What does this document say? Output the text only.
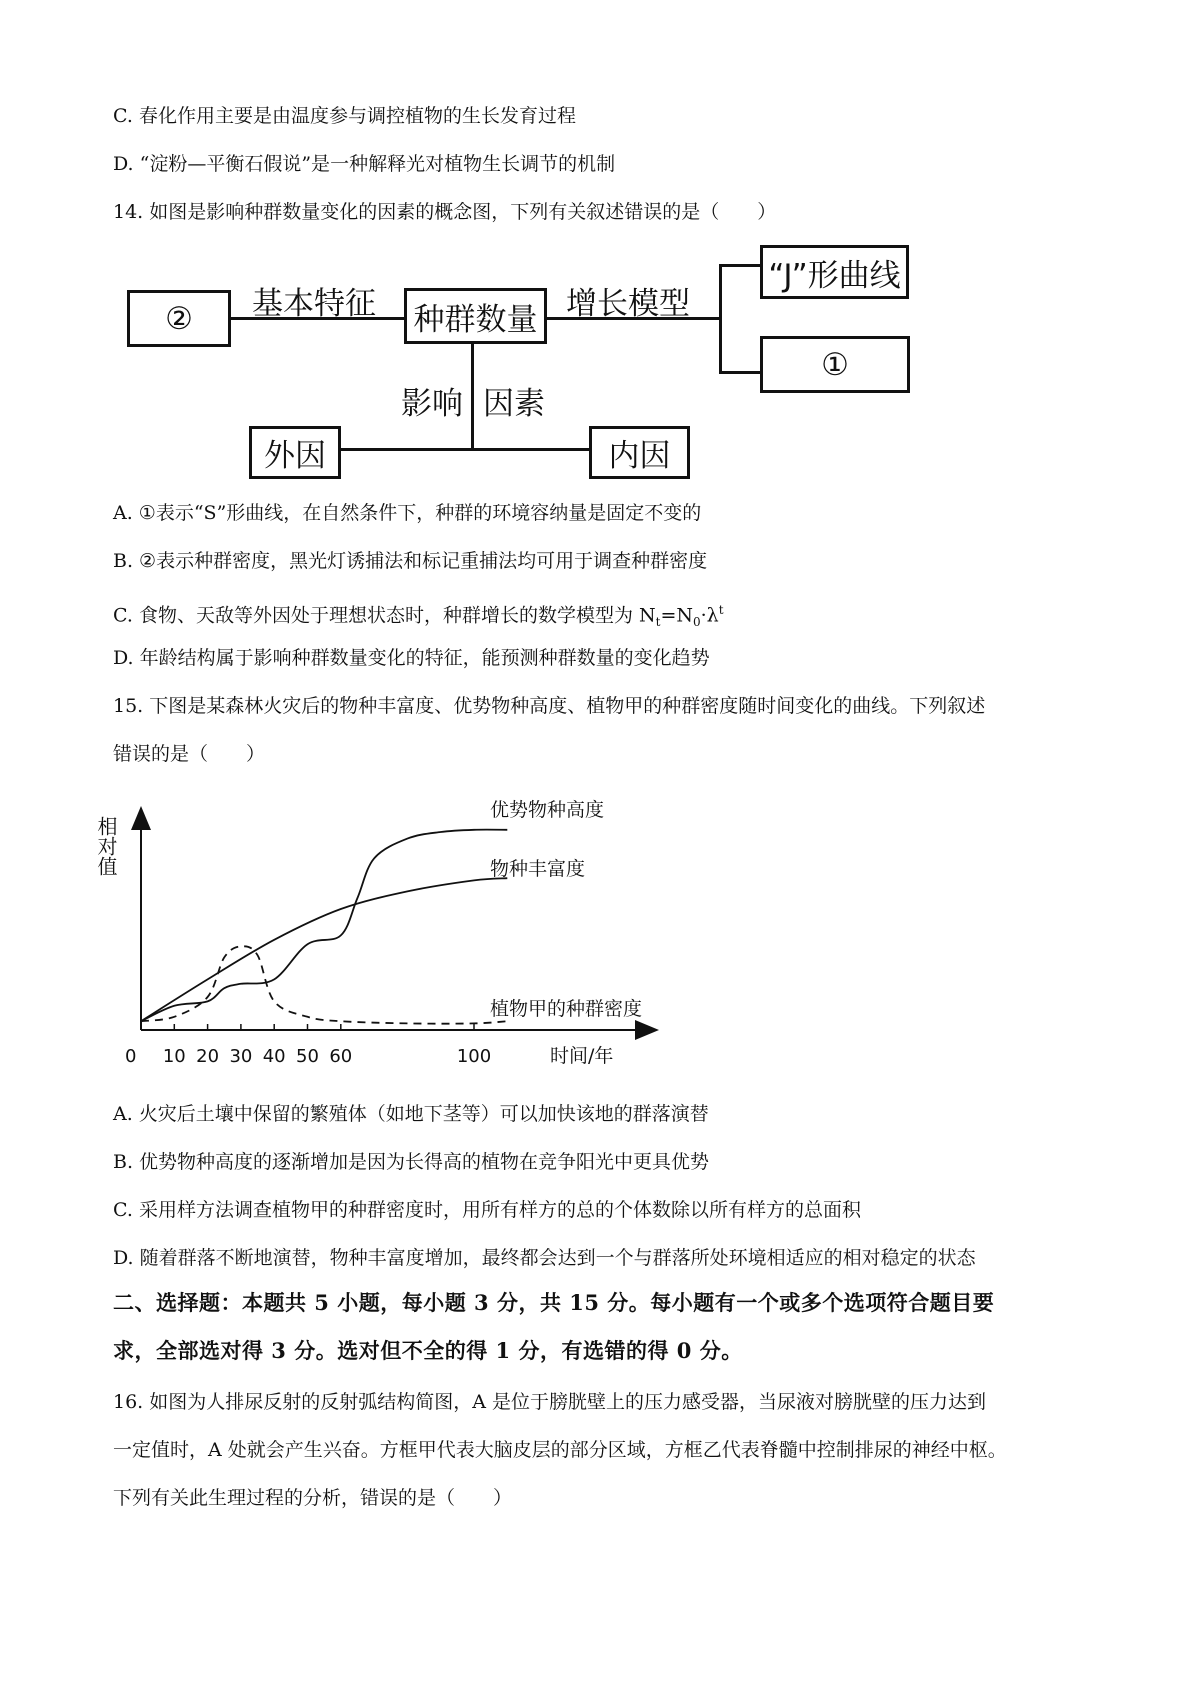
C. 春化作用主要是由温度参与调控植物的生长发育过程
D. “淀粉—平衡石假说”是一种解释光对植物生长调节的机制
14. 如图是影响种群数量变化的因素的概念图，下列有关叙述错误的是（　　）
②	基本特征	种群数量 增长模型
“J”形曲线
①
影响 因素
外因	内因
A. ①表示“S”形曲线，在自然条件下，种群的环境容纳量是固定不变的
B. ②表示种群密度，黑光灯诱捕法和标记重捕法均可用于调查种群密度
C. 食物、天敌等外因处于理想状态时，种群增长的数学模型为 $N_t=N_0\cdot\lambda^t$
D. 年龄结构属于影响种群数量变化的特征，能预测种群数量的变化趋势
15. 下图是某森林火灾后的物种丰富度、优势物种高度、植物甲的种群密度随时间变化的曲线。下列叙述
错误的是（　　）
相对值
时间/年
0 10 20 30 40 50 60	100
优势物种高度
物种丰富度
植物甲的种群密度
A. 火灾后土壤中保留的繁殖体（如地下茎等）可以加快该地的群落演替
B. 优势物种高度的逐渐增加是因为长得高的植物在竞争阳光中更具优势
C. 采用样方法调查植物甲的种群密度时，用所有样方的总的个体数除以所有样方的总面积
D. 随着群落不断地演替，物种丰富度增加，最终都会达到一个与群落所处环境相适应的相对稳定的状态
二、选择题：本题共 5 小题，每小题 3 分，共 15 分。每小题有一个或多个选项符合题目要
求，全部选对得 3 分。选对但不全的得 1 分，有选错的得 0 分。
16. 如图为人排尿反射的反射弧结构简图，A 是位于膀胱壁上的压力感受器，当尿液对膀胱壁的压力达到
一定值时，A 处就会产生兴奋。方框甲代表大脑皮层的部分区域，方框乙代表脊髓中控制排尿的神经中枢。
下列有关此生理过程的分析，错误的是（　　）
